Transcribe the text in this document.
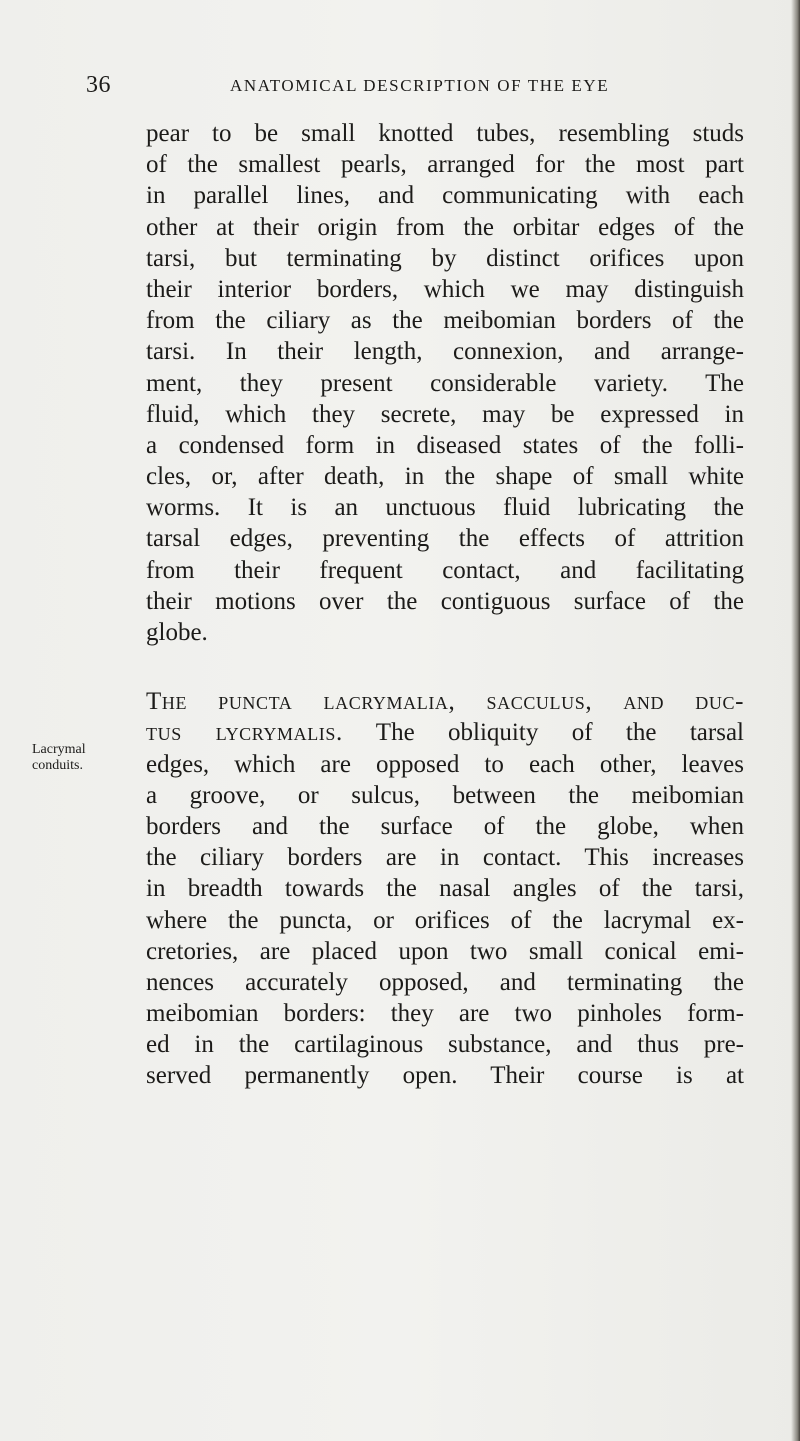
36	ANATOMICAL DESCRIPTION OF THE EYE
Lacrymal
conduits.
pear to be small knotted tubes, resembling studs
of the smallest pearls, arranged for the most part
in parallel lines, and communicating with each
other at their origin from the orbitar edges of the
tarsi, but terminating by distinct orifices upon
their interior borders, which we may distinguish
from the ciliary as the meibomian borders of the
tarsi. In their length, connexion, and arrange-
ment, they present considerable variety. The
fluid, which they secrete, may be expressed in
a condensed form in diseased states of the folli-
cles, or, after death, in the shape of small white
worms. It is an unctuous fluid lubricating the
tarsal edges, preventing the effects of attrition
from their frequent contact, and facilitating
their motions over the contiguous surface of the
globe.
The puncta lacrymalia, sacculus, and duc-
tus lycrymalis. The obliquity of the tarsal
edges, which are opposed to each other, leaves
a groove, or sulcus, between the meibomian
borders and the surface of the globe, when
the ciliary borders are in contact. This increases
in breadth towards the nasal angles of the tarsi,
where the puncta, or orifices of the lacrymal ex-
cretories, are placed upon two small conical emi-
nences accurately opposed, and terminating the
meibomian borders: they are two pinholes form-
ed in the cartilaginous substance, and thus pre-
served permanently open. Their course is at
